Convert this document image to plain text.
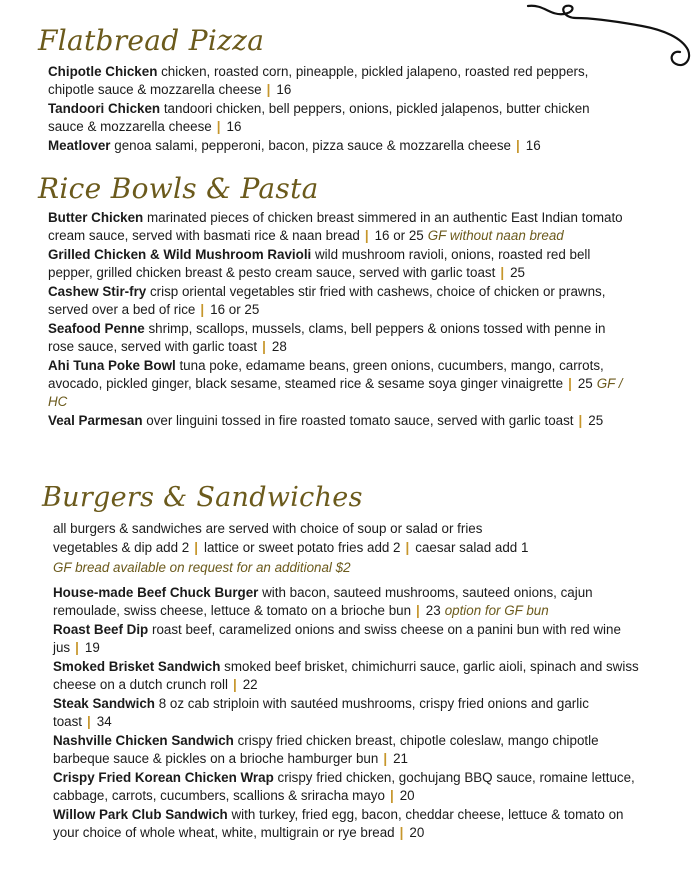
Flatbread Pizza
Chipotle Chicken chicken, roasted corn, pineapple, pickled jalapeno, roasted red peppers, chipotle sauce & mozzarella cheese | 16
Tandoori Chicken tandoori chicken, bell peppers, onions, pickled jalapenos, butter chicken sauce & mozzarella cheese | 16
Meatlover genoa salami, pepperoni, bacon, pizza sauce & mozzarella cheese | 16
Rice Bowls & Pasta
Butter Chicken marinated pieces of chicken breast simmered in an authentic East Indian tomato cream sauce, served with basmati rice & naan bread | 16 or 25 GF without naan bread
Grilled Chicken & Wild Mushroom Ravioli wild mushroom ravioli, onions, roasted red bell pepper, grilled chicken breast & pesto cream sauce, served with garlic toast | 25
Cashew Stir-fry crisp oriental vegetables stir fried with cashews, choice of chicken or prawns, served over a bed of rice | 16 or 25
Seafood Penne shrimp, scallops, mussels, clams, bell peppers & onions tossed with penne in rose sauce, served with garlic toast | 28
Ahi Tuna Poke Bowl tuna poke, edamame beans, green onions, cucumbers, mango, carrots, avocado, pickled ginger, black sesame, steamed rice & sesame soya ginger vinaigrette | 25 GF / HC
Veal Parmesan over linguini tossed in fire roasted tomato sauce, served with garlic toast | 25
Burgers & Sandwiches

all burgers & sandwiches are served with choice of soup or salad or fries

vegetables & dip add 2 | lattice or sweet potato fries add 2 | caesar salad add 1

GF bread available on request for an additional $2

House-made Beef Chuck Burger with bacon, sauteed mushrooms, sauteed onions, cajun remoulade, swiss cheese, lettuce & tomato on a brioche bun | 23 option for GF bun
Roast Beef Dip roast beef, caramelized onions and swiss cheese on a panini bun with red wine jus | 19
Smoked Brisket Sandwich smoked beef brisket, chimichurri sauce, garlic aioli, spinach and swiss cheese on a dutch crunch roll | 22
Steak Sandwich 8 oz cab striploin with sautéed mushrooms, crispy fried onions and garlic toast | 34
Nashville Chicken Sandwich crispy fried chicken breast, chipotle coleslaw, mango chipotle barbeque sauce & pickles on a brioche hamburger bun | 21
Crispy Fried Korean Chicken Wrap crispy fried chicken, gochujang BBQ sauce, romaine lettuce, cabbage, carrots, cucumbers, scallions & sriracha mayo | 20
Willow Park Club Sandwich with turkey, fried egg, bacon, cheddar cheese, lettuce & tomato on your choice of whole wheat, white, multigrain or rye bread | 20
